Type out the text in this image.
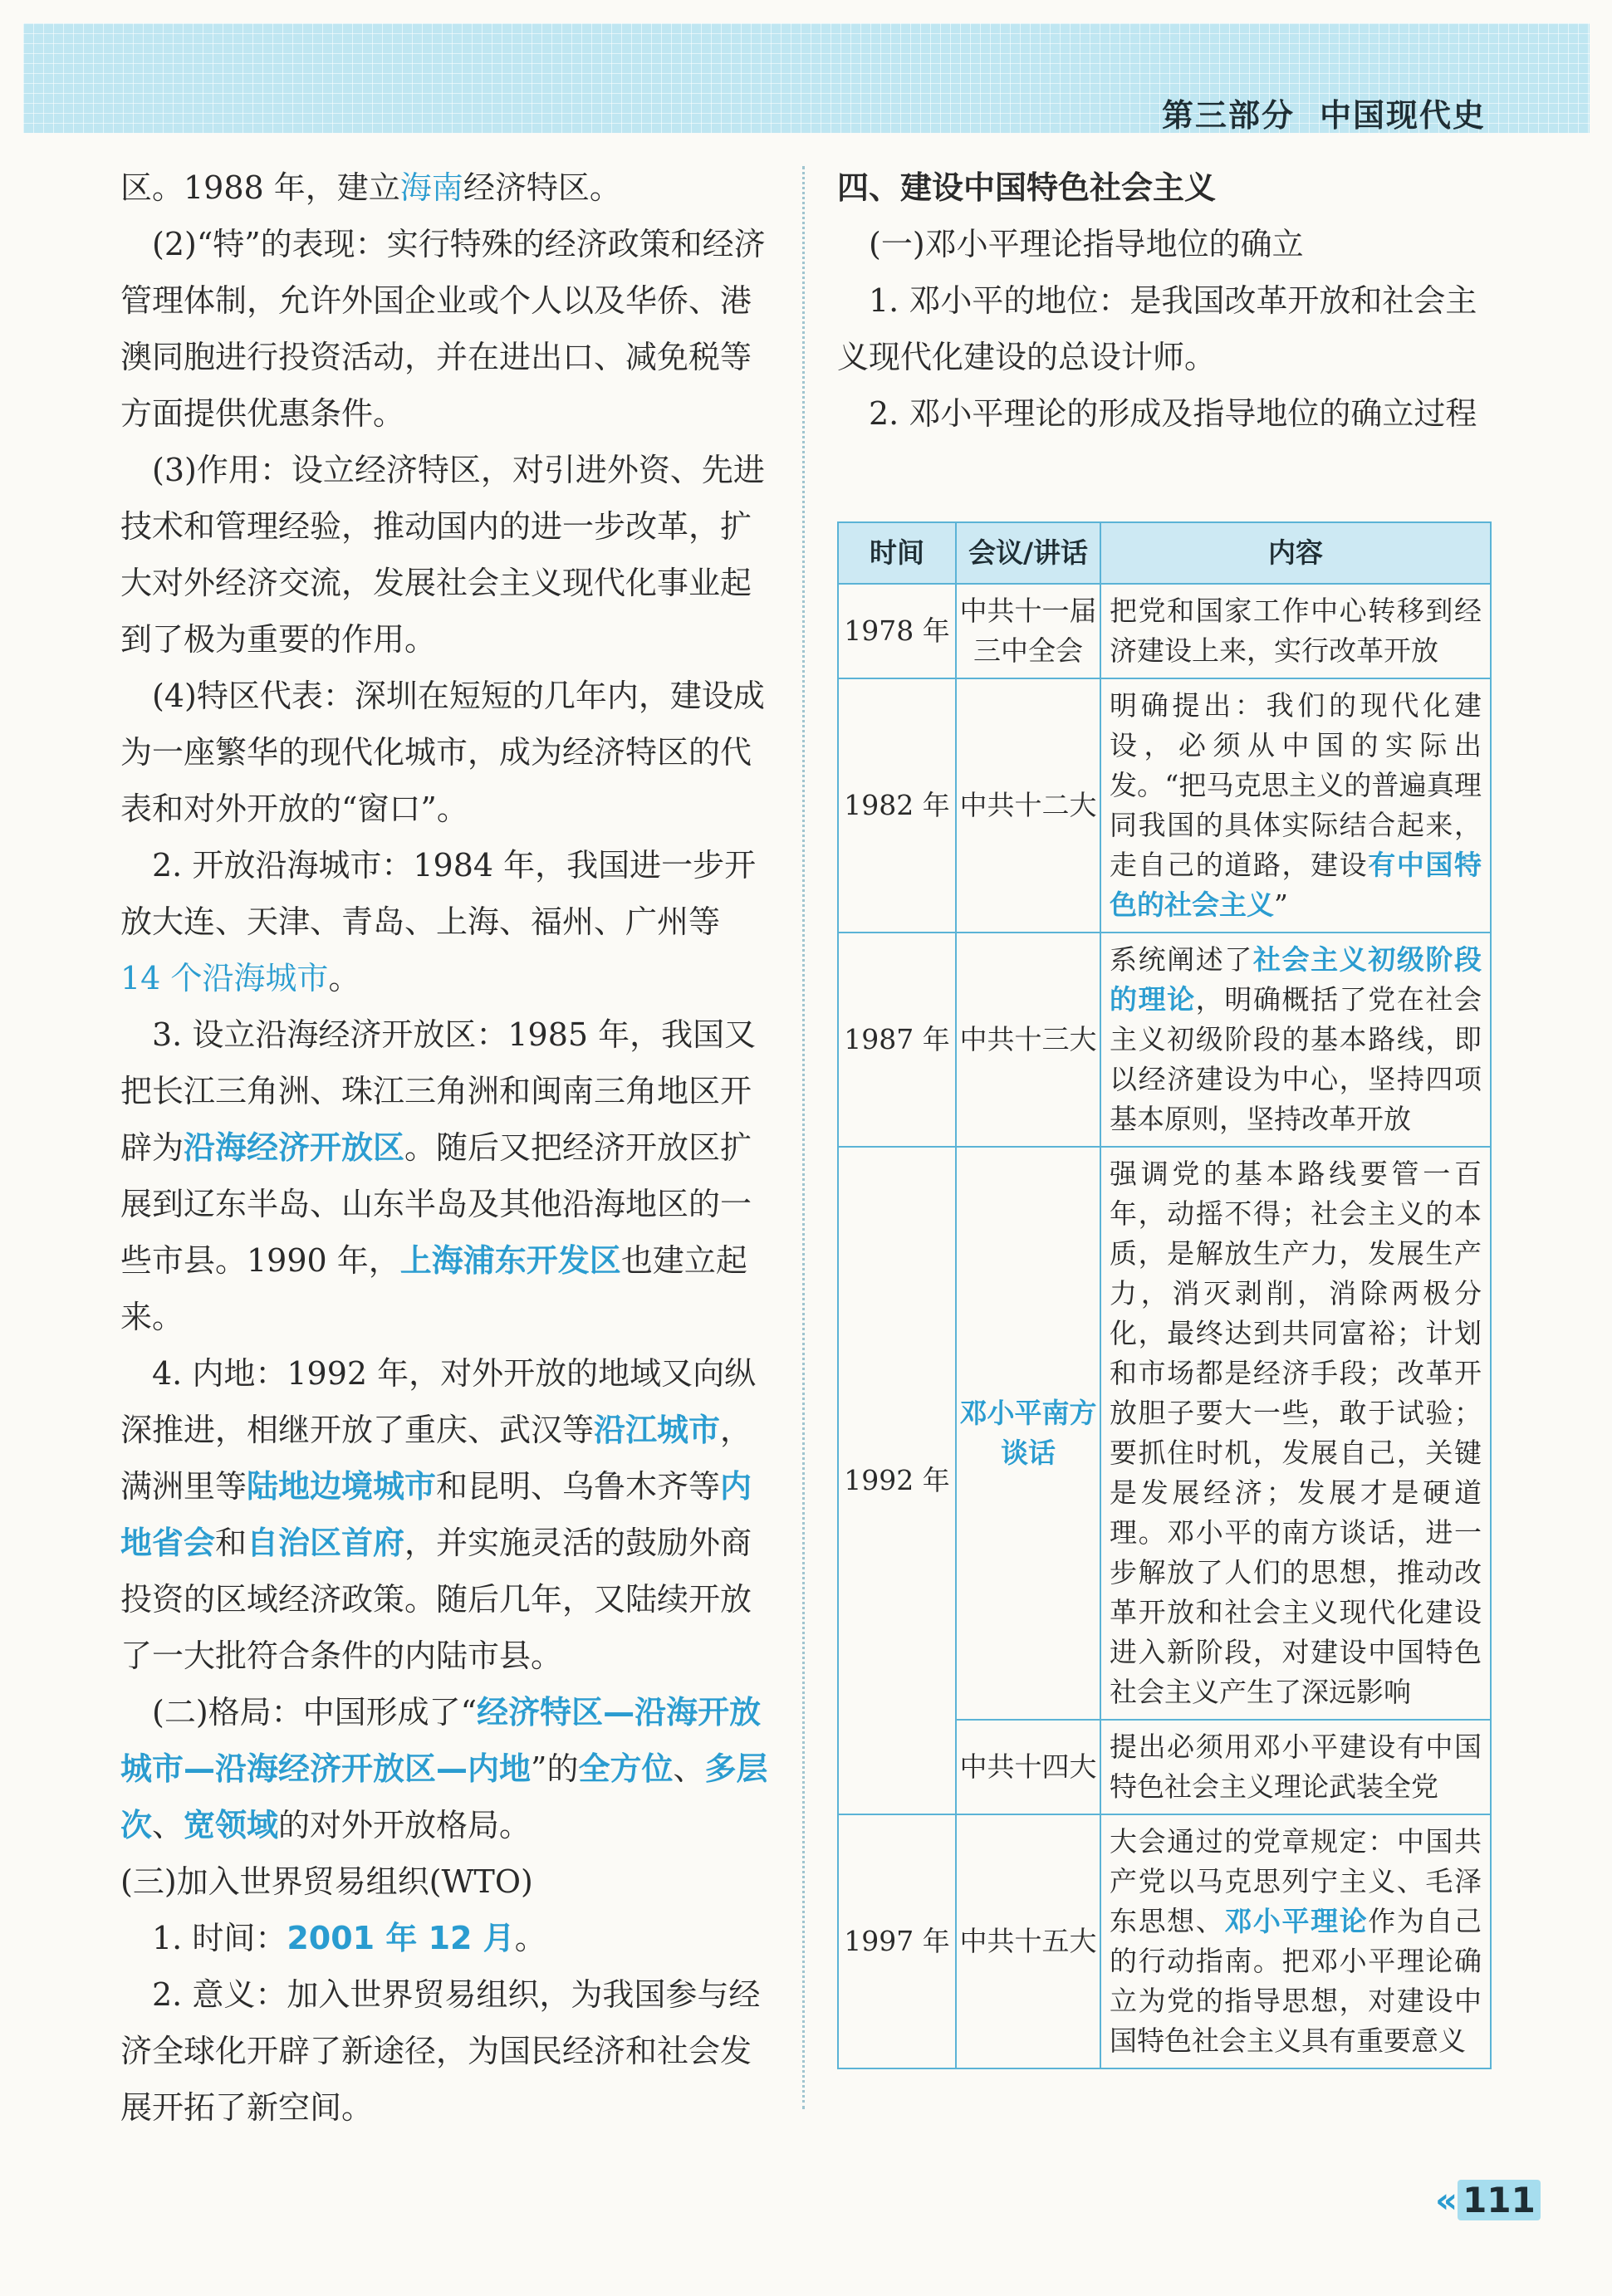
第三部分 中国现代史

区。1988 年，建立海南经济特区。

(2)“特”的表现：实行特殊的经济政策和经济管理体制，允许外国企业或个人以及华侨、港澳同胞进行投资活动，并在进出口、减免税等方面提供优惠条件。

(3)作用：设立经济特区，对引进外资、先进技术和管理经验，推动国内的进一步改革，扩大对外经济交流，发展社会主义现代化事业起到了极为重要的作用。

(4)特区代表：深圳在短短的几年内，建设成为一座繁华的现代化城市，成为经济特区的代表和对外开放的“窗口”。

2. 开放沿海城市：1984 年，我国进一步开放大连、天津、青岛、上海、福州、广州等 14 个沿海城市。

3. 设立沿海经济开放区：1985 年，我国又把长江三角洲、珠江三角洲和闽南三角地区开辟为沿海经济开放区。随后又把经济开放区扩展到辽东半岛、山东半岛及其他沿海地区的一些市县。1990 年，上海浦东开发区也建立起来。

4. 内地：1992 年，对外开放的地域又向纵深推进，相继开放了重庆、武汉等沿江城市，满洲里等陆地边境城市和昆明、乌鲁木齐等内地省会和自治区首府，并实施灵活的鼓励外商投资的区域经济政策。随后几年，又陆续开放了一大批符合条件的内陆市县。

(二)格局：中国形成了“经济特区—沿海开放城市—沿海经济开放区—内地”的全方位、多层次、宽领域的对外开放格局。

(三)加入世界贸易组织(WTO)

1. 时间：2001 年 12 月。

2. 意义：加入世界贸易组织，为我国参与经济全球化开辟了新途径，为国民经济和社会发展开拓了新空间。

四、建设中国特色社会主义

(一)邓小平理论指导地位的确立

1. 邓小平的地位：是我国改革开放和社会主义现代化建设的总设计师。

2. 邓小平理论的形成及指导地位的确立过程

时间	会议/讲话	内容
1978 年	中共十一届三中全会	把党和国家工作中心转移到经济建设上来，实行改革开放
1982 年	中共十二大	明确提出：我们的现代化建设，必须从中国的实际出发。“把马克思主义的普遍真理同我国的具体实际结合起来，走自己的道路，建设有中国特色的社会主义”
1987 年	中共十三大	系统阐述了社会主义初级阶段的理论，明确概括了党在社会主义初级阶段的基本路线，即以经济建设为中心，坚持四项基本原则，坚持改革开放
1992 年	邓小平南方谈话	强调党的基本路线要管一百年，动摇不得；社会主义的本质，是解放生产力，发展生产力，消灭剥削，消除两极分化，最终达到共同富裕；计划和市场都是经济手段；改革开放胆子要大一些，敢于试验；要抓住时机，发展自己，关键是发展经济；发展才是硬道理。邓小平的南方谈话，进一步解放了人们的思想，推动改革开放和社会主义现代化建设进入新阶段，对建设中国特色社会主义产生了深远影响
	中共十四大	提出必须用邓小平建设有中国特色社会主义理论武装全党
1997 年	中共十五大	大会通过的党章规定：中国共产党以马克思列宁主义、毛泽东思想、邓小平理论作为自己的行动指南。把邓小平理论确立为党的指导思想，对建设中国特色社会主义具有重要意义
« 111
